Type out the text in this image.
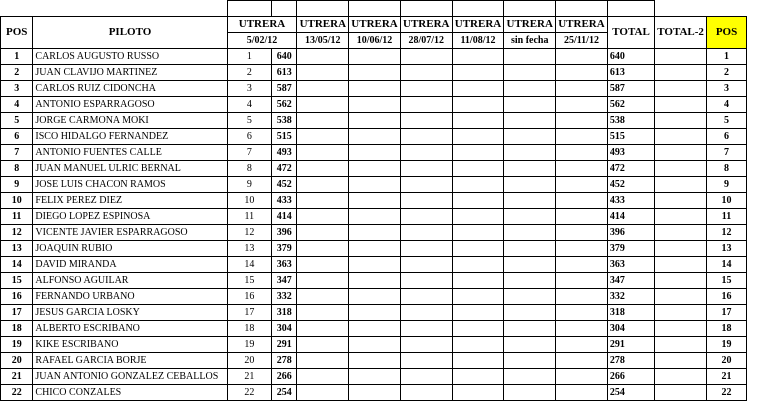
POS	PILOTO	UTRERA		UTRERA	UTRERA	UTRERA	UTRERA	UTRERA	UTRERA	TOTAL	TOTAL-2	POS	
		5/02/12		13/05/12	10/06/12	28/07/12	11/08/12	sin fecha	25/11/12				
1	CARLOS AUGUSTO RUSSO	1	640							640		1	
2	JUAN CLAVIJO MARTINEZ	2	613							613		2	
3	CARLOS RUIZ CIDONCHA	3	587							587		3	
4	ANTONIO ESPARRAGOSO	4	562							562		4	
5	JORGE CARMONA MOKI	5	538							538		5	
6	ISCO HIDALGO FERNANDEZ	6	515							515		6	
7	ANTONIO FUENTES CALLE	7	493							493		7	
8	JUAN MANUEL ULRIC BERNAL	8	472							472		8	
9	JOSE LUIS CHACON RAMOS	9	452							452		9	
10	FELIX PEREZ DIEZ	10	433							433		10	
11	DIEGO LOPEZ ESPINOSA	11	414							414		11	
12	VICENTE JAVIER ESPARRAGOSO	12	396							396		12	
13	JOAQUIN RUBIO	13	379							379		13	
14	DAVID MIRANDA	14	363							363		14	
15	ALFONSO AGUILAR	15	347							347		15	
16	FERNANDO URBANO	16	332							332		16	
17	JESUS GARCIA LOSKY	17	318							318		17	
18	ALBERTO ESCRIBANO	18	304							304		18	
19	KIKE ESCRIBANO	19	291							291		19	
20	RAFAEL GARCIA BORJE	20	278							278		20	
21	JUAN ANTONIO GONZALEZ CEBALLOS	21	266							266		21	
22	CHICO CONZALES	22	254							254		22	
